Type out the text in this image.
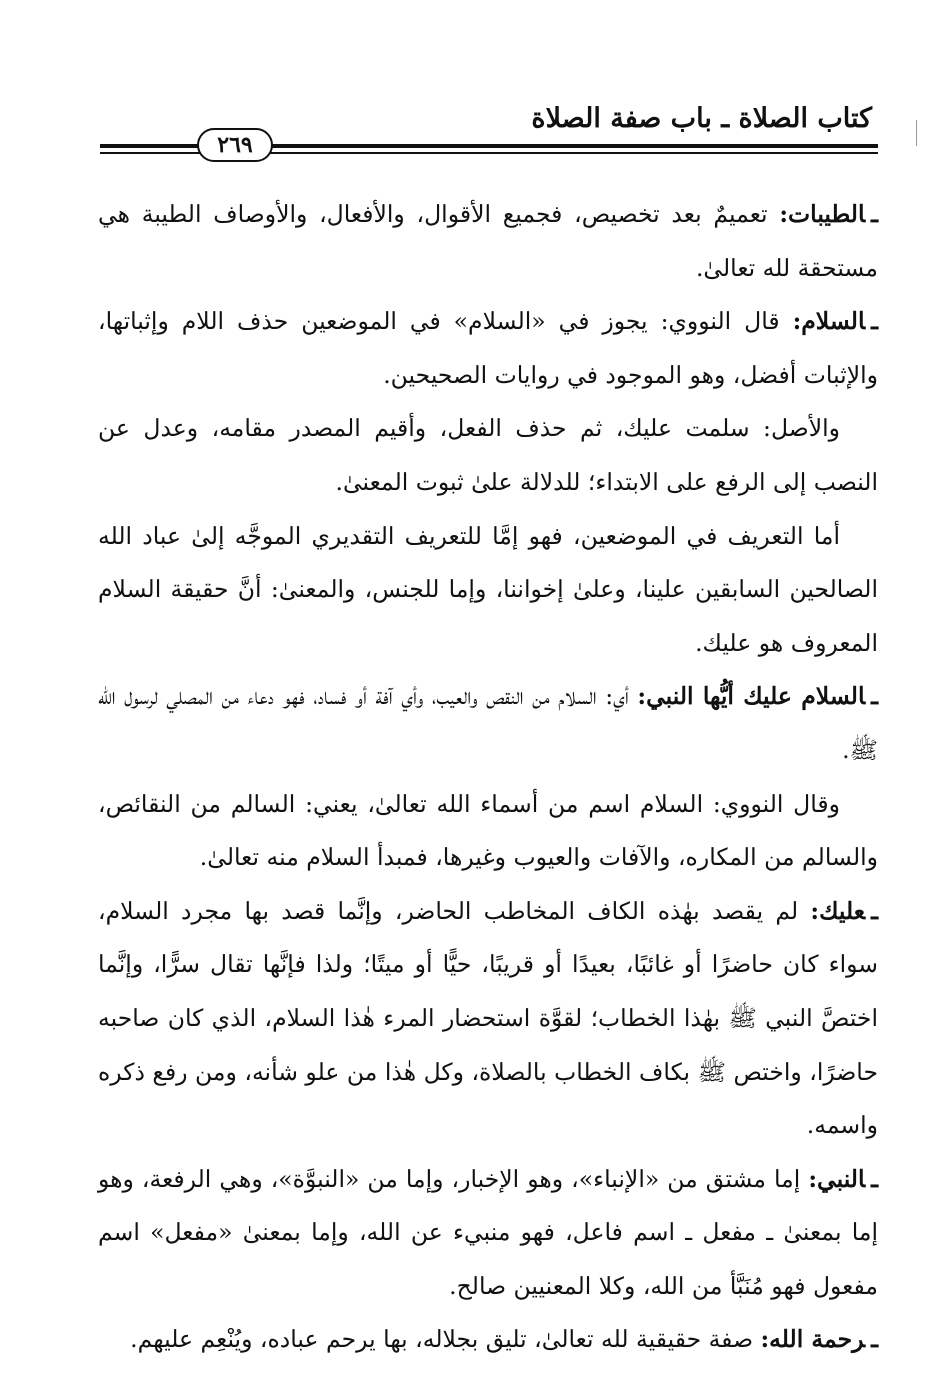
كتاب الصلاة ـ باب صفة الصلاة
٢٦٩

ـالطيبات: تعميمٌ بعد تخصيص، فجميع الأقوال، والأفعال، والأوصاف الطيبة هي مستحقة لله تعالىٰ.

ـالسلام: قال النووي: يجوز في «السلام» في الموضعين حذف اللام وإثباتها، والإثبات أفضل، وهو الموجود في روايات الصحيحين.

والأصل: سلمت عليك، ثم حذف الفعل، وأقيم المصدر مقامه، وعدل عن النصب إلى الرفع على الابتداء؛ للدلالة علىٰ ثبوت المعنىٰ.

أما التعريف في الموضعين، فهو إمَّا للتعريف التقديري الموجَّه إلىٰ عباد الله الصالحين السابقين علينا، وعلىٰ إخواننا، وإما للجنس، والمعنىٰ: أنَّ حقيقة السلام المعروف هو عليك.

ـالسلام عليك أيُّها النبي: أي: السلام من النقص والعيب، وأي آفة أو فساد، فهو دعاء من المصلي لرسول الله ﷺ.

وقال النووي: السلام اسم من أسماء الله تعالىٰ، يعني: السالم من النقائص، والسالم من المكاره، والآفات والعيوب وغيرها، فمبدأ السلام منه تعالىٰ.

ـعليك: لم يقصد بهٰذه الكاف المخاطب الحاضر، وإنَّما قصد بها مجرد السلام، سواء كان حاضرًا أو غائبًا، بعيدًا أو قريبًا، حيًّا أو ميتًا؛ ولذا فإنَّها تقال سرًّا، وإنَّما اختصَّ النبي ﷺ بهٰذا الخطاب؛ لقوَّة استحضار المرء هٰذا السلام، الذي كان صاحبه حاضرًا، واختص ﷺ بكاف الخطاب بالصلاة، وكل هٰذا من علو شأنه، ومن رفع ذكره واسمه.

ـالنبي: إما مشتق من «الإنباء»، وهو الإخبار، وإما من «النبوَّة»، وهي الرفعة، وهو إما بمعنىٰ ـ مفعل ـ اسم فاعل، فهو منبيء عن الله، وإما بمعنىٰ «مفعل» اسم مفعول فهو مُنَبَّأ من الله، وكلا المعنيين صالح.

ـرحمة الله: صفة حقيقية لله تعالىٰ، تليق بجلاله، بها يرحم عباده، ويُنْعِم عليهم.
